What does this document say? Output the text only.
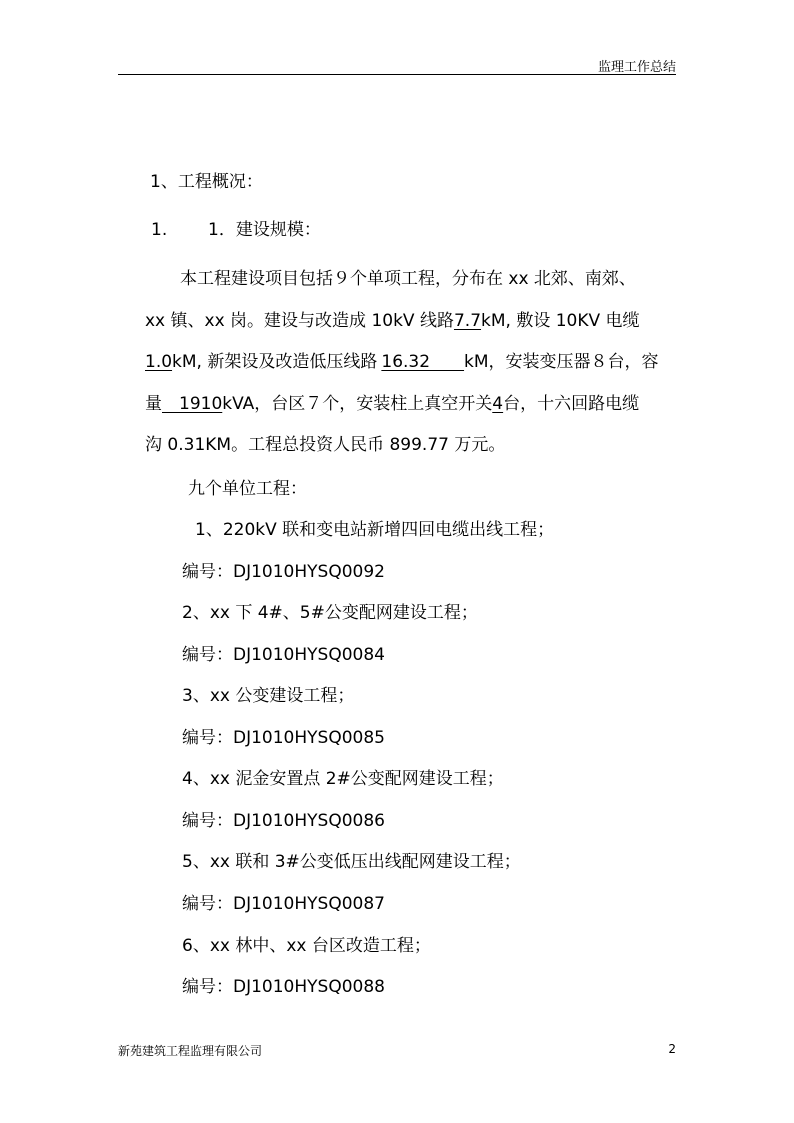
监理工作总结
1、工程概况：
1. 1．建设规模：
本工程建设项目包括９个单项工程，分布在 xx 北郊、南郊、
xx 镇、xx 岗。建设与改造成 10kV 线路7.7kM, 敷设 10KV 电缆
1.0kM, 新架设及改造低压线路 16.32　　kM，安装变压器８台，容
量　1910kVA，台区７个，安装柱上真空开关4台，十六回路电缆
沟 0.31KM。工程总投资人民币 899.77 万元。
九个单位工程：
1、220kV 联和变电站新增四回电缆出线工程；
编号：DJ1010HYSQ0092
2、xx 下 4#、5#公变配网建设工程；
编号：DJ1010HYSQ0084
3、xx 公变建设工程；
编号：DJ1010HYSQ0085
4、xx 泥金安置点 2#公变配网建设工程；
编号：DJ1010HYSQ0086
5、xx 联和 3#公变低压出线配网建设工程；
编号：DJ1010HYSQ0087
6、xx 林中、xx 台区改造工程；
编号：DJ1010HYSQ0088
新苑建筑工程监理有限公司	2
